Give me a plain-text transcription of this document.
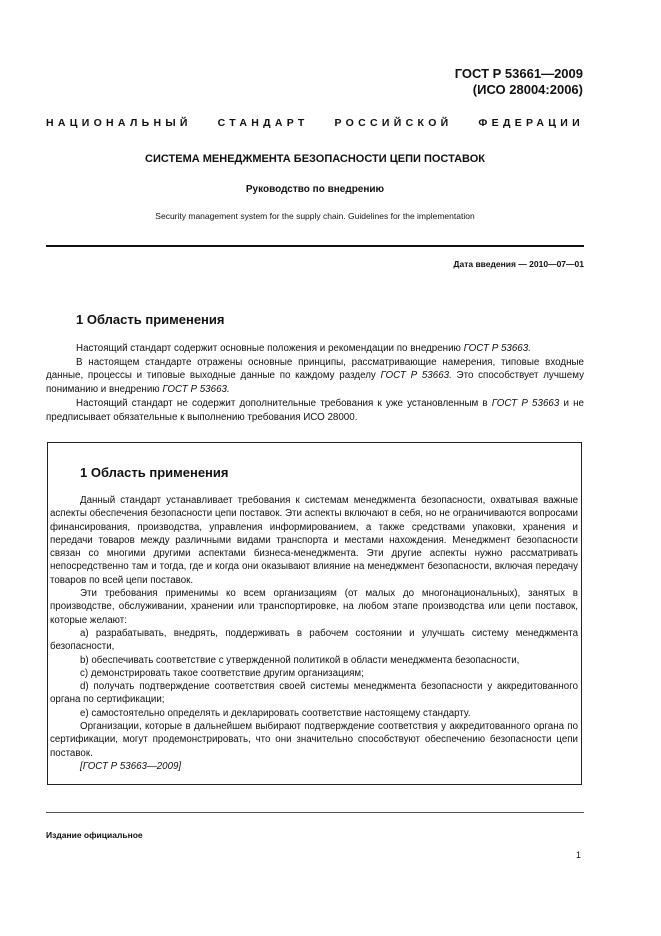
ГОСТ Р 53661—2009
(ИСО 28004:2006)
НАЦИОНАЛЬНЫЙ СТАНДАРТ РОССИЙСКОЙ ФЕДЕРАЦИИ
СИСТЕМА МЕНЕДЖМЕНТА БЕЗОПАСНОСТИ ЦЕПИ ПОСТАВОК
Руководство по внедрению
Security management system for the supply chain. Guidelines for the implementation
Дата введения — 2010—07—01
1 Область применения

Настоящий стандарт содержит основные положения и рекомендации по внедрению ГОСТ Р 53663.

В настоящем стандарте отражены основные принципы, рассматривающие намерения, типовые входные данные, процессы и типовые выходные данные по каждому разделу ГОСТ Р 53663. Это способствует лучшему пониманию и внедрению ГОСТ Р 53663.

Настоящий стандарт не содержит дополнительные требования к уже установленным в ГОСТ Р 53663 и не предписывает обязательные к выполнению требования ИСО 28000.

1 Область применения

Данный стандарт устанавливает требования к системам менеджмента безопасности, охватывая важные аспекты обеспечения безопасности цепи поставок. Эти аспекты включают в себя, но не ограничиваются вопросами финансирования, производства, управления информированием, а также средствами упаковки, хранения и передачи товаров между различными видами транспорта и местами нахождения. Менеджмент безопасности связан со многими другими аспектами бизнеса-менеджмента. Эти другие аспекты нужно рассматривать непосредственно там и тогда, где и когда они оказывают влияние на менеджмент безопасности, включая передачу товаров по всей цепи поставок.

Эти требования применимы ко всем организациям (от малых до многонациональных), занятых в производстве, обслуживании, хранении или транспортировке, на любом этапе производства или цепи поставок, которые желают:

a) разрабатывать, внедрять, поддерживать в рабочем состоянии и улучшать систему менеджмента безопасности,

b) обеспечивать соответствие с утвержденной политикой в области менеджмента безопасности,

c) демонстрировать такое соответствие другим организациям;

d) получать подтверждение соответствия своей системы менеджмента безопасности у аккредитованного органа по сертификации;

e) самостоятельно определять и декларировать соответствие настоящему стандарту.

Организации, которые в дальнейшем выбирают подтверждение соответствия у аккредитованного органа по сертификации, могут продемонстрировать, что они значительно способствуют обеспечению безопасности цепи поставок.

[ГОСТ Р 53663—2009]

Издание официальное
1
